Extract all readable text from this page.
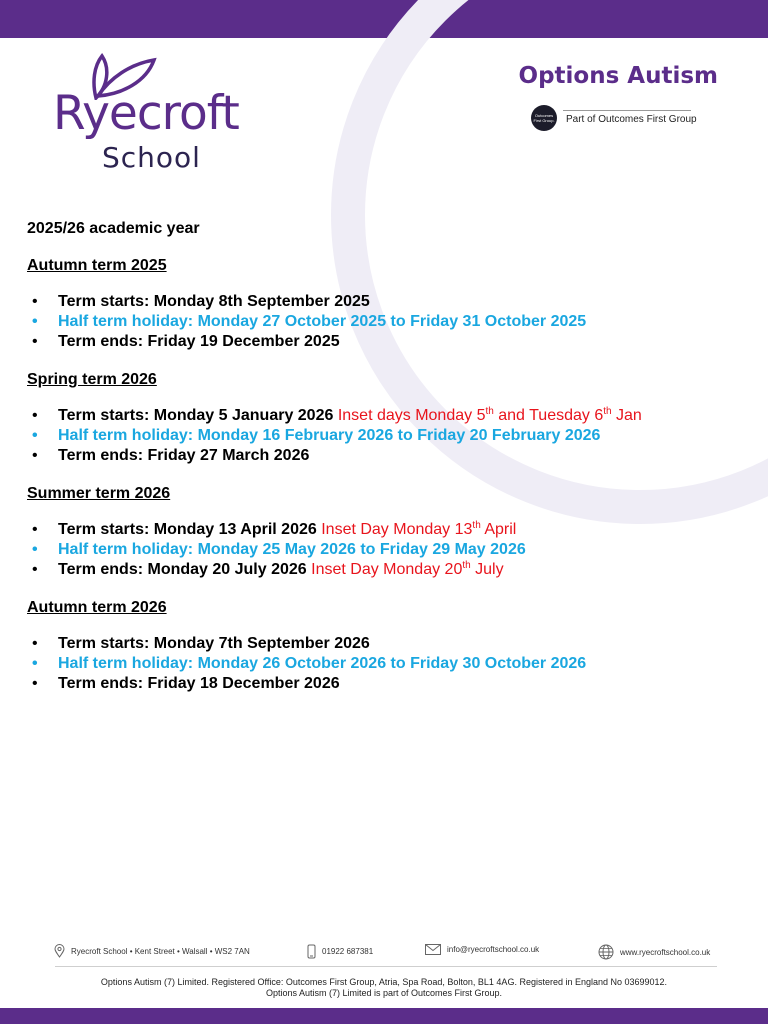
Ryecroft
School
Options Autism
Outcomes First Group. Part of Outcomes First Group

2025/26 academic year

Autumn term 2025

• Term starts: Monday 8th September 2025
• Half term holiday: Monday 27 October 2025 to Friday 31 October 2025
• Term ends: Friday 19 December 2025

Spring term 2026

• Term starts: Monday 5 January 2026 Inset days Monday 5th and Tuesday 6th Jan
• Half term holiday: Monday 16 February 2026 to Friday 20 February 2026
• Term ends: Friday 27 March 2026

Summer term 2026

• Term starts: Monday 13 April 2026 Inset Day Monday 13th April
• Half term holiday: Monday 25 May 2026 to Friday 29 May 2026
• Term ends: Monday 20 July 2026 Inset Day Monday 20th July

Autumn term 2026

• Term starts: Monday 7th September 2026
• Half term holiday: Monday 26 October 2026 to Friday 30 October 2026
• Term ends: Friday 18 December 2026
Ryecroft School • Kent Street • Walsall • WS2 7AN	01922 687381	info@ryecroftschool.co.uk	www.ryecroftschool.co.uk
Options Autism (7) Limited. Registered Office: Outcomes First Group, Atria, Spa Road, Bolton, BL1 4AG. Registered in England No 03699012.
Options Autism (7) Limited is part of Outcomes First Group.
